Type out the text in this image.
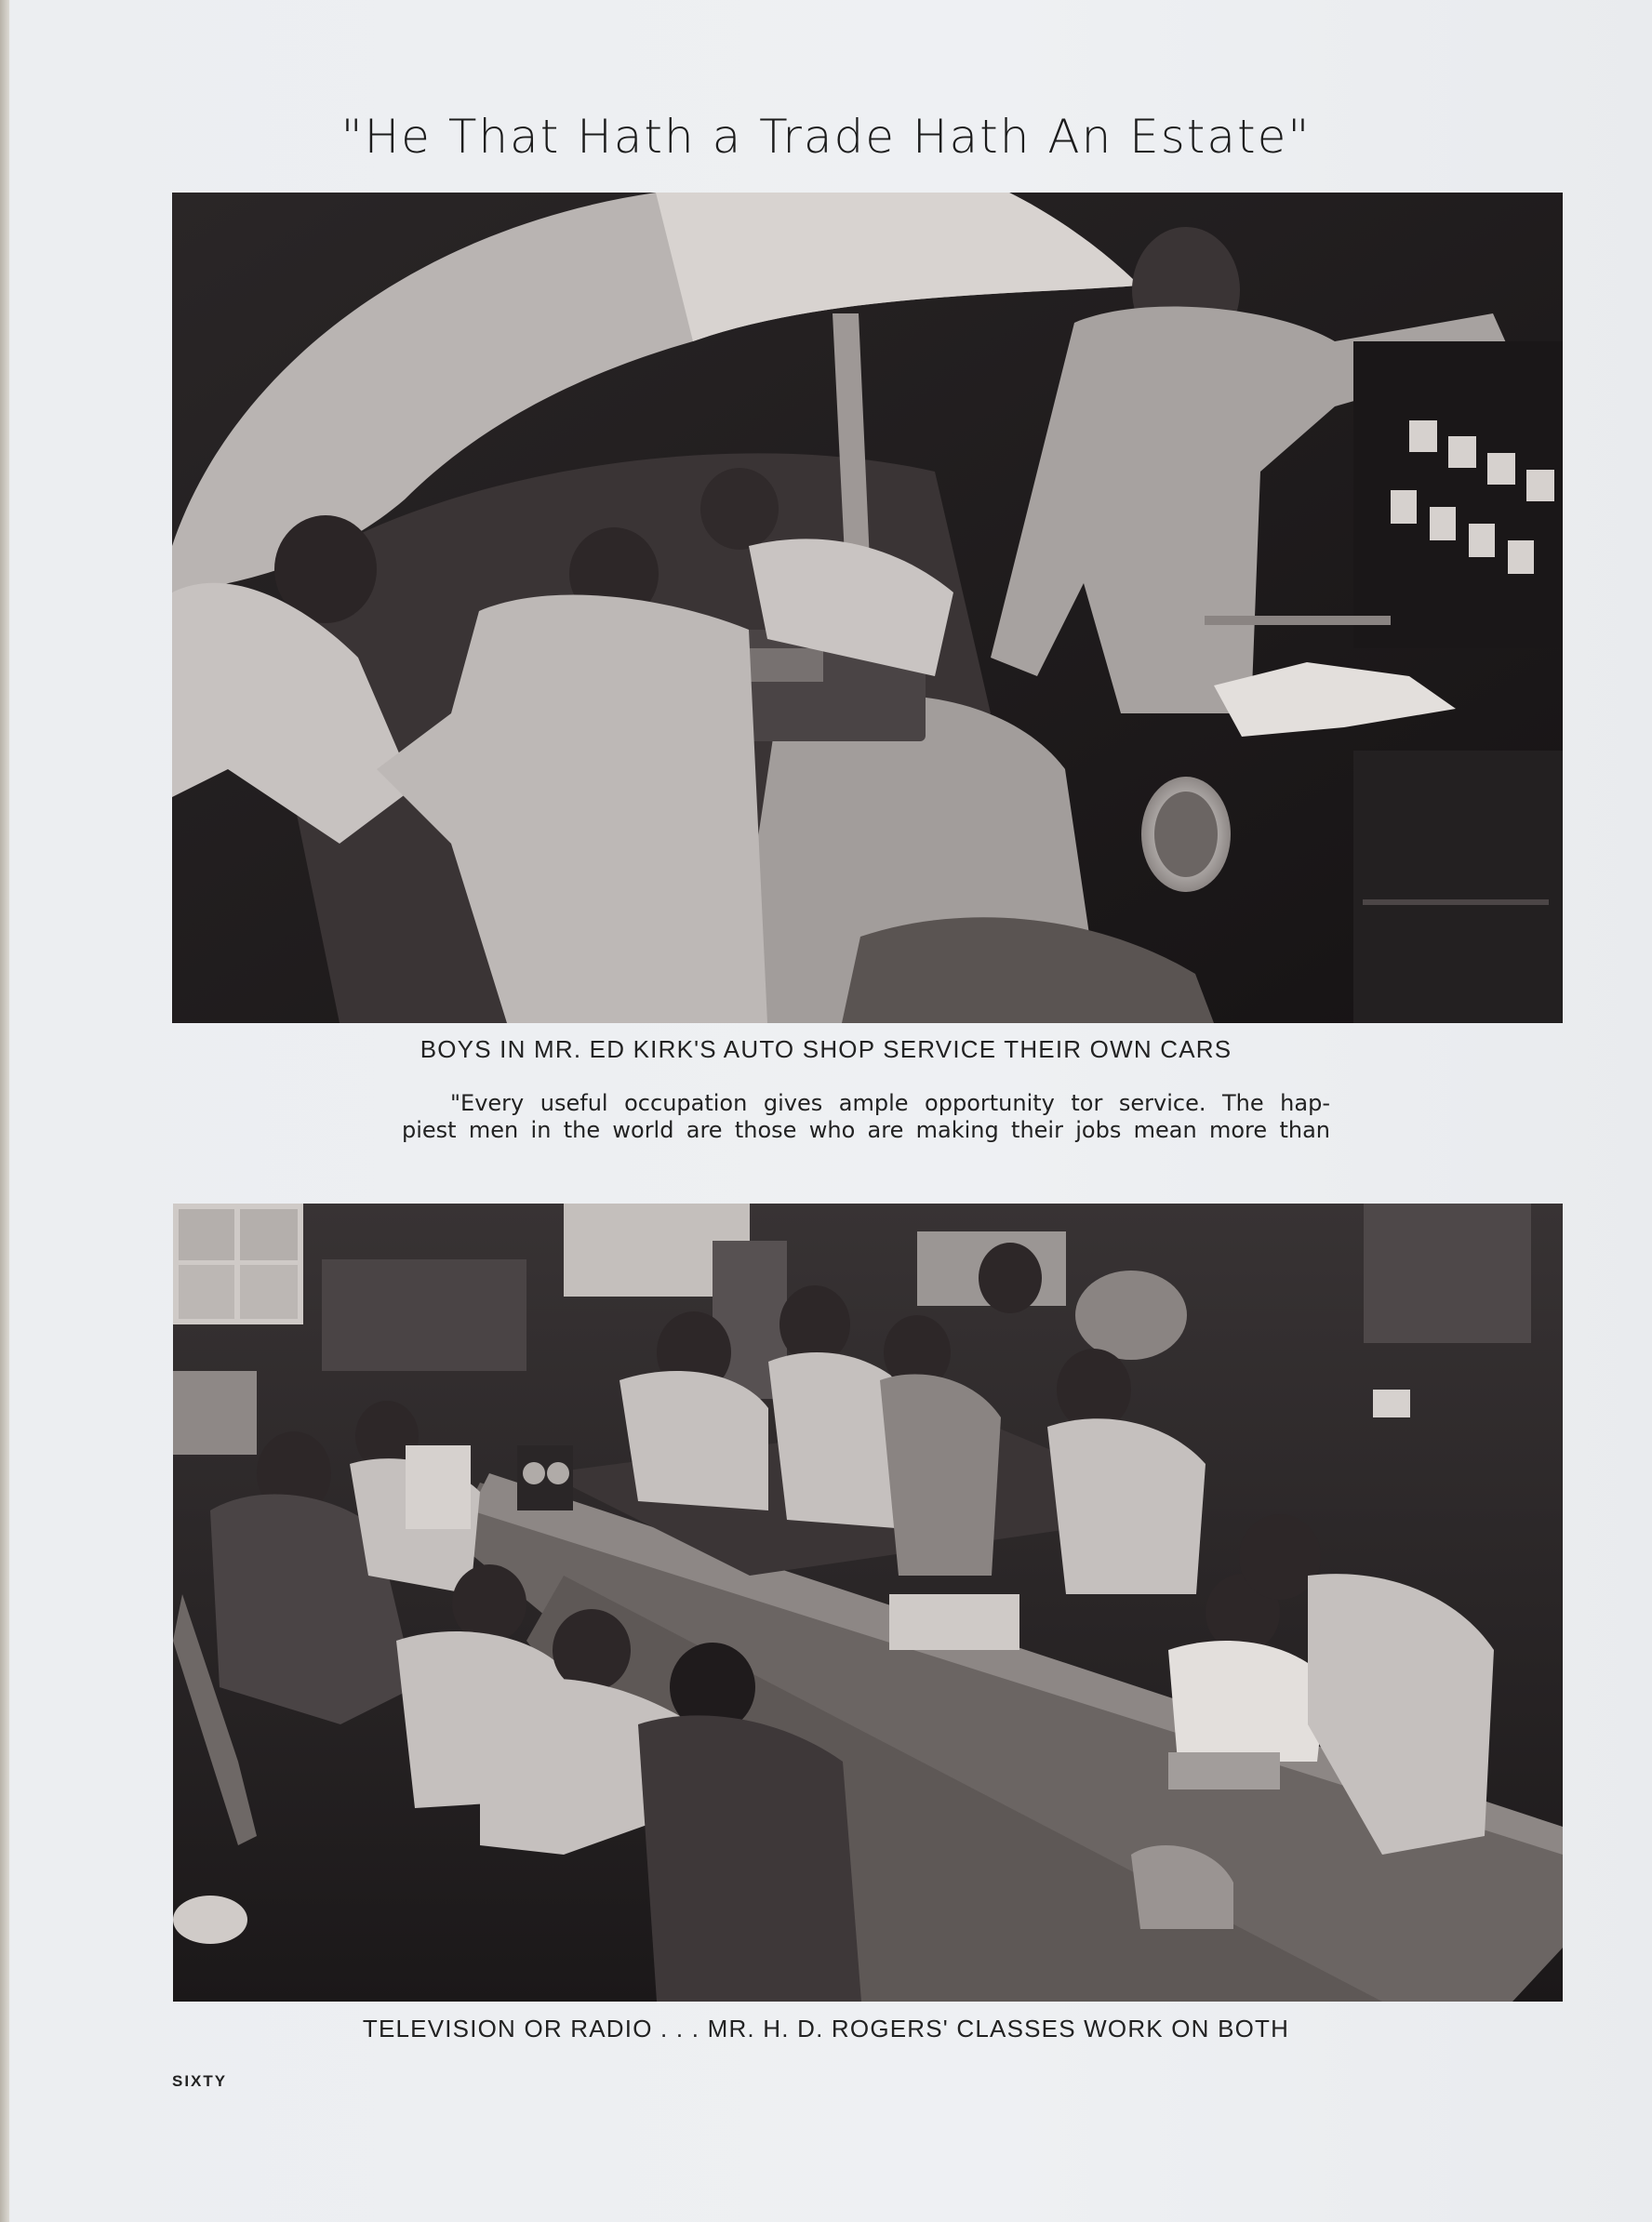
"He That Hath a Trade Hath An Estate"

BOYS IN MR. ED KIRK'S AUTO SHOP SERVICE THEIR OWN CARS

"Every useful occupation gives ample opportunity tor service. The hap-
piest men in the world are those who are making their jobs mean more than

TELEVISION OR RADIO . . . MR. H. D. ROGERS' CLASSES WORK ON BOTH

SIXTY
